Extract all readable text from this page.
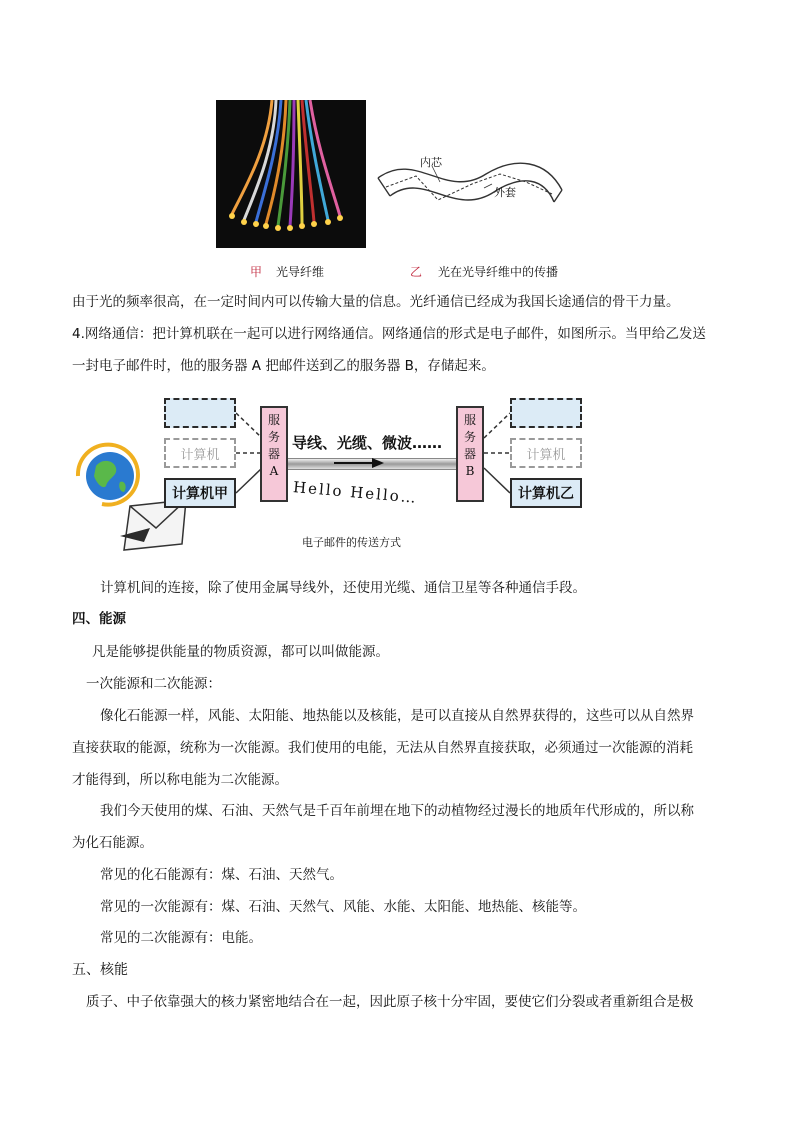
内芯
外套
甲 光导纤维	乙 光在光导纤维中的传播
由于光的频率很高，在一定时间内可以传输大量的信息。光纤通信已经成为我国长途通信的骨干力量。
4.网络通信：把计算机联在一起可以进行网络通信。网络通信的形式是电子邮件，如图所示。当甲给乙发送
一封电子邮件时，他的服务器 A 把邮件送到乙的服务器 B，存储起来。
计算机
计算机甲
服
务
器
A
导线、光缆、微波……
Hello Hello…
服
务
器
B
计算机
计算机乙
电子邮件的传送方式
计算机间的连接，除了使用金属导线外，还使用光缆、通信卫星等各种通信手段。
四、能源
凡是能够提供能量的物质资源，都可以叫做能源。
一次能源和二次能源：
像化石能源一样，风能、太阳能、地热能以及核能，是可以直接从自然界获得的，这些可以从自然界
直接获取的能源，统称为一次能源。我们使用的电能，无法从自然界直接获取，必须通过一次能源的消耗
才能得到，所以称电能为二次能源。
我们今天使用的煤、石油、天然气是千百年前埋在地下的动植物经过漫长的地质年代形成的，所以称
为化石能源。
常见的化石能源有：煤、石油、天然气。
常见的一次能源有：煤、石油、天然气、风能、水能、太阳能、地热能、核能等。
常见的二次能源有：电能。
五、核能
质子、中子依靠强大的核力紧密地结合在一起，因此原子核十分牢固，要使它们分裂或者重新组合是极
